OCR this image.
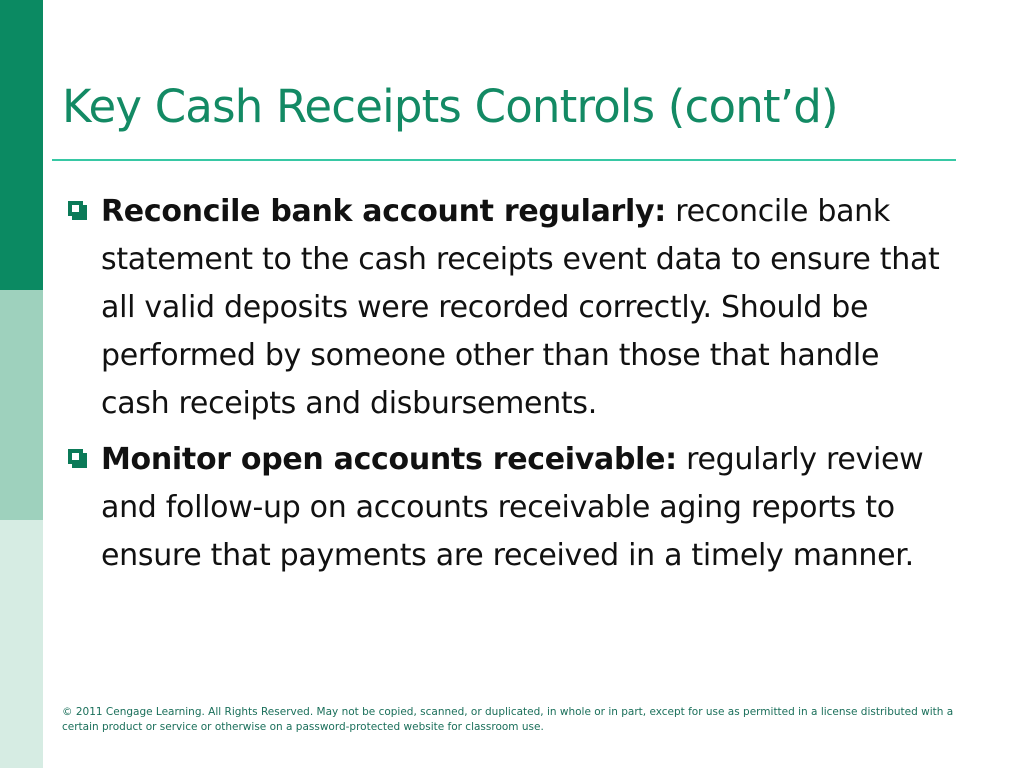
Key Cash Receipts Controls (cont’d)
Reconcile bank account regularly: reconcile bank statement to the cash receipts event data to ensure that all valid deposits were recorded correctly. Should be performed by someone other than those that handle cash receipts and disbursements.
Monitor open accounts receivable: regularly review and follow-up on accounts receivable aging reports to ensure that payments are received in a timely manner.

© 2011 Cengage Learning. All Rights Reserved. May not be copied, scanned, or duplicated, in whole or in part, except for use as permitted in a license distributed with a certain product or service or otherwise on a password-protected website for classroom use.
